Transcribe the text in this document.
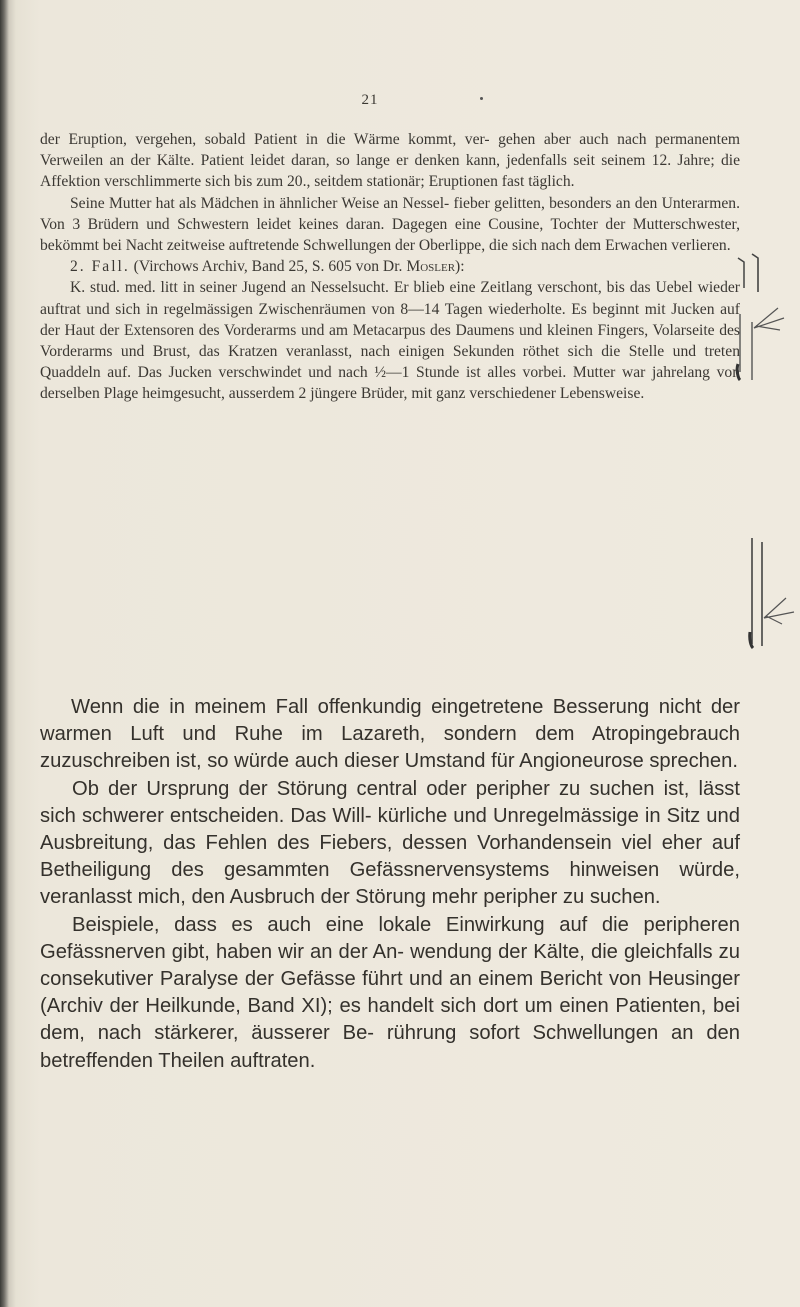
21

der Eruption, vergehen, sobald Patient in die Wärme kommt, ver- gehen aber auch nach permanentem Verweilen an der Kälte. Patient leidet daran, so lange er denken kann, jedenfalls seit seinem 12. Jahre; die Affektion verschlimmerte sich bis zum 20., seitdem stationär; Eruptionen fast täglich.

Seine Mutter hat als Mädchen in ähnlicher Weise an Nessel- fieber gelitten, besonders an den Unterarmen. Von 3 Brüdern und Schwestern leidet keines daran. Dagegen eine Cousine, Tochter der Mutterschwester, bekömmt bei Nacht zeitweise auftretende Schwellungen der Oberlippe, die sich nach dem Erwachen verlieren.

2. Fall. (Virchows Archiv, Band 25, S. 605 von Dr. Mosler):

K. stud. med. litt in seiner Jugend an Nesselsucht. Er blieb eine Zeitlang verschont, bis das Uebel wieder auftrat und sich in regelmässigen Zwischenräumen von 8—14 Tagen wiederholte. Es beginnt mit Jucken auf der Haut der Extensoren des Vorderarms und am Metacarpus des Daumens und kleinen Fingers, Volarseite des Vorderarms und Brust, das Kratzen veranlasst, nach einigen Sekunden röthet sich die Stelle und treten Quaddeln auf. Das Jucken verschwindet und nach ½—1 Stunde ist alles vorbei. Mutter war jahrelang von derselben Plage heimgesucht, ausserdem 2 jüngere Brüder, mit ganz verschiedener Lebensweise.

Wenn die in meinem Fall offenkundig eingetretene Besserung nicht der warmen Luft und Ruhe im Lazareth, sondern dem Atropingebrauch zuzuschreiben ist, so würde auch dieser Umstand für Angioneurose sprechen.

Ob der Ursprung der Störung central oder peripher zu suchen ist, lässt sich schwerer entscheiden. Das Will- kürliche und Unregelmässige in Sitz und Ausbreitung, das Fehlen des Fiebers, dessen Vorhandensein viel eher auf Betheiligung des gesammten Gefässnervensystems hinweisen würde, veranlasst mich, den Ausbruch der Störung mehr peripher zu suchen.

Beispiele, dass es auch eine lokale Einwirkung auf die peripheren Gefässnerven gibt, haben wir an der An- wendung der Kälte, die gleichfalls zu consekutiver Paralyse der Gefässe führt und an einem Bericht von Heusinger (Archiv der Heilkunde, Band XI); es handelt sich dort um einen Patienten, bei dem, nach stärkerer, äusserer Be- rührung sofort Schwellungen an den betreffenden Theilen auftraten.
